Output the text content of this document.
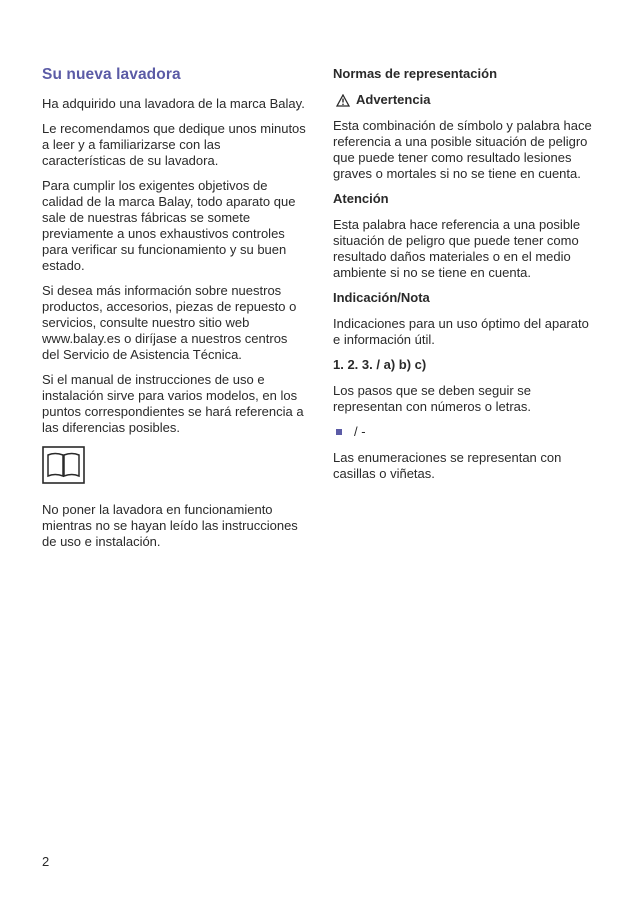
Su nueva lavadora

Ha adquirido una lavadora de la marca Balay.

Le recomendamos que dedique unos minutos a leer y a familiarizarse con las características de su lavadora.

Para cumplir los exigentes objetivos de calidad de la marca Balay, todo aparato que sale de nuestras fábricas se somete previamente a unos exhaustivos controles para verificar su funcionamiento y su buen estado.

Si desea más información sobre nuestros productos, accesorios, piezas de repuesto o servicios, consulte nuestro sitio web www.balay.es o diríjase a nuestros centros del Servicio de Asistencia Técnica.

Si el manual de instrucciones de uso e instalación sirve para varios modelos, en los puntos correspondientes se hará referencia a las diferencias posibles.

No poner la lavadora en funcionamiento mientras no se hayan leído las instrucciones de uso e instalación.

Normas de representación
Advertencia

Esta combinación de símbolo y palabra hace referencia a una posible situación de peligro que puede tener como resultado lesiones graves o mortales si no se tiene en cuenta.

Atención

Esta palabra hace referencia a una posible situación de peligro que puede tener como resultado daños materiales o en el medio ambiente si no se tiene en cuenta.

Indicación/Nota

Indicaciones para un uso óptimo del aparato e información útil.

1. 2. 3. / a) b) c)

Los pasos que se deben seguir se representan con números o letras.

/ -

Las enumeraciones se representan con casillas o viñetas.

2
